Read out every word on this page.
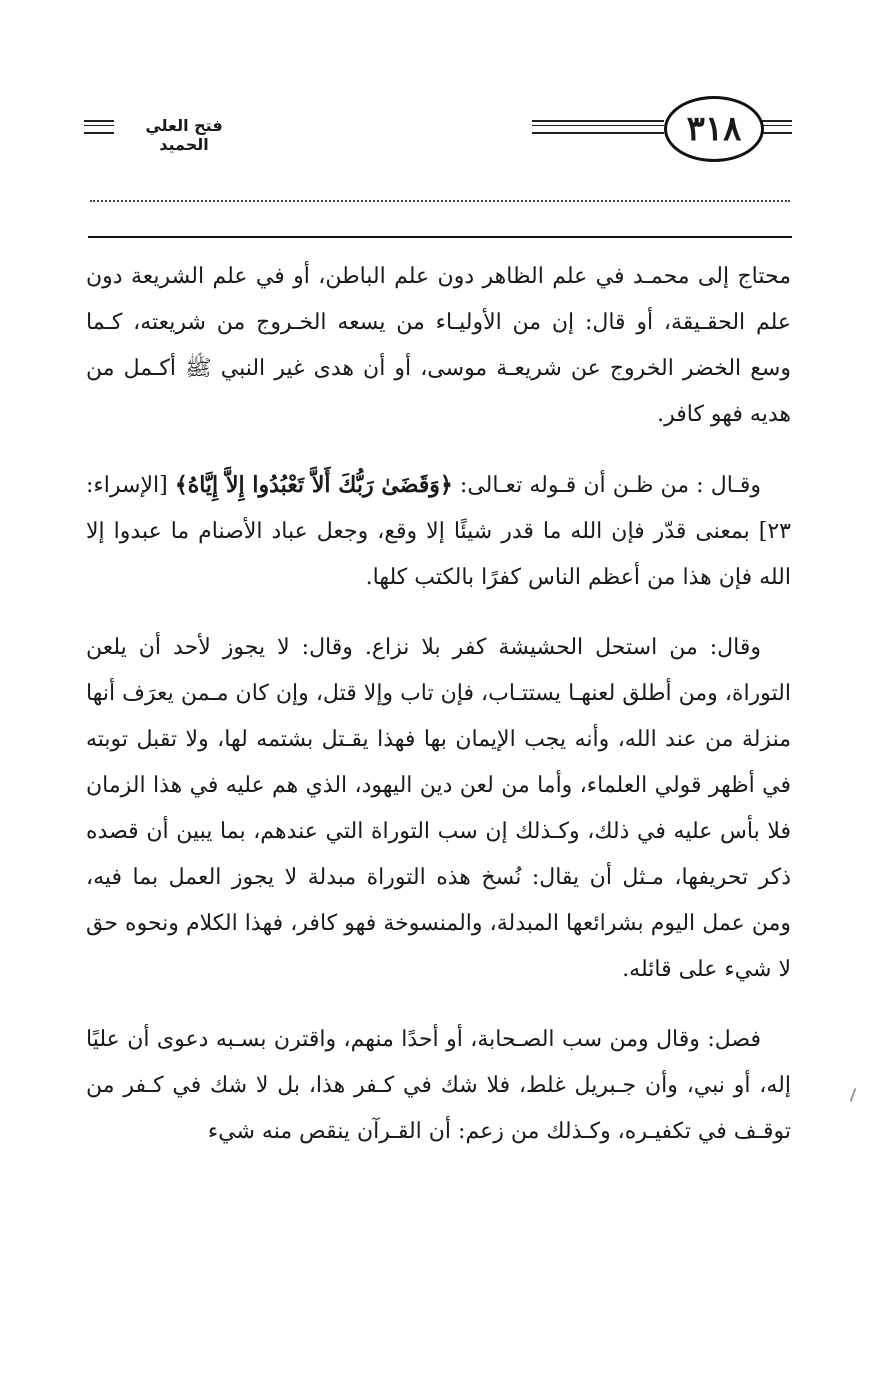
٣١٨
فتح العلي الحميد

محتاج إلى محمـد في علم الظاهر دون علم الباطن، أو في علم الشريعة دون علم الحقـيقة، أو قال: إن من الأوليـاء من يسعه الخـروج من شريعته، كـما وسع الخضر الخروج عن شريعـة موسى، أو أن هدى غير النبي ﷺ أكـمل من هديه فهو كافر.

وقـال : من ظـن أن قـوله تعـالى: ﴿وَقَضَىٰ رَبُّكَ أَلاَّ تَعْبُدُوا إِلاَّ إِيَّاهُ﴾ [الإسراء: ٢٣] بمعنى قدّر فإن الله ما قدر شيئًا إلا وقع، وجعل عباد الأصنام ما عبدوا إلا الله فإن هذا من أعظم الناس كفرًا بالكتب كلها.

وقال: من استحل الحشيشة كفر بلا نزاع. وقال: لا يجوز لأحد أن يلعن التوراة، ومن أطلق لعنهـا يستتـاب، فإن تاب وإلا قتل، وإن كان مـمن يعرَف أنها منزلة من عند الله، وأنه يجب الإيمان بها فهذا يقـتل بشتمه لها، ولا تقبل توبته في أظهر قولي العلماء، وأما من لعن دين اليهود، الذي هم عليه في هذا الزمان فلا بأس عليه في ذلك، وكـذلك إن سب التوراة التي عندهم، بما يبين أن قصده ذكر تحريفها، مـثل أن يقال: نُسخ هذه التوراة مبدلة لا يجوز العمل بما فيه، ومن عمل اليوم بشرائعها المبدلة، والمنسوخة فهو كافر، فهذا الكلام ونحوه حق لا شيء على قائله.

فصل: وقال ومن سب الصـحابة، أو أحدًا منهم، واقترن بسـبه دعوى أن عليًا إله، أو نبي، وأن جـبريل غلط، فلا شك في كـفر هذا، بل لا شك في كـفر من توقـف في تكفيـره، وكـذلك من زعم: أن القـرآن ينقص منه شيء
